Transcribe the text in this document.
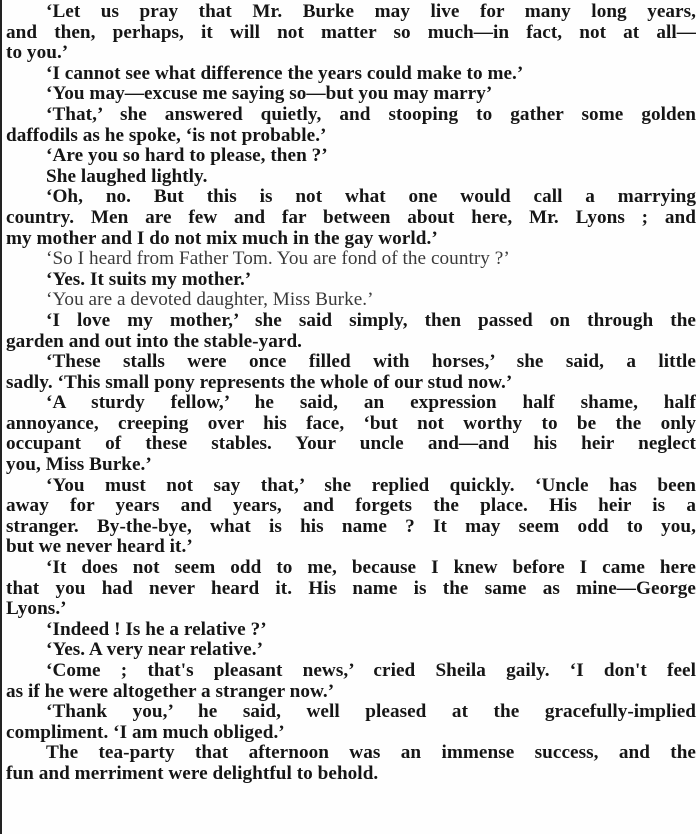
‘Let us pray that Mr. Burke may live for many long years,
and then, perhaps, it will not matter so much—in fact, not at all—
to you.’
‘I cannot see what difference the years could make to me.’
‘You may—excuse me saying so—but you may marry’
‘That,’ she answered quietly, and stooping to gather some golden
daffodils as he spoke, ‘is not probable.’
‘Are you so hard to please, then ?’
She laughed lightly.
‘Oh, no. But this is not what one would call a marrying
country. Men are few and far between about here, Mr. Lyons ; and
my mother and I do not mix much in the gay world.’
‘So I heard from Father Tom. You are fond of the country ?’
‘Yes. It suits my mother.’
‘You are a devoted daughter, Miss Burke.’
‘I love my mother,’ she said simply, then passed on through the
garden and out into the stable-yard.
‘These stalls were once filled with horses,’ she said, a little
sadly. ‘This small pony represents the whole of our stud now.’
‘A sturdy fellow,’ he said, an expression half shame, half
annoyance, creeping over his face, ‘but not worthy to be the only
occupant of these stables. Your uncle and—and his heir neglect
you, Miss Burke.’
‘You must not say that,’ she replied quickly. ‘Uncle has been
away for years and years, and forgets the place. His heir is a
stranger. By-the-bye, what is his name ? It may seem odd to you,
but we never heard it.’
‘It does not seem odd to me, because I knew before I came here
that you had never heard it. His name is the same as mine—George
Lyons.’
‘Indeed ! Is he a relative ?’
‘Yes. A very near relative.’
‘Come ; that's pleasant news,’ cried Sheila gaily. ‘I don't feel
as if he were altogether a stranger now.’
‘Thank you,’ he said, well pleased at the gracefully-implied
compliment. ‘I am much obliged.’
The tea-party that afternoon was an immense success, and the
fun and merriment were delightful to behold.
